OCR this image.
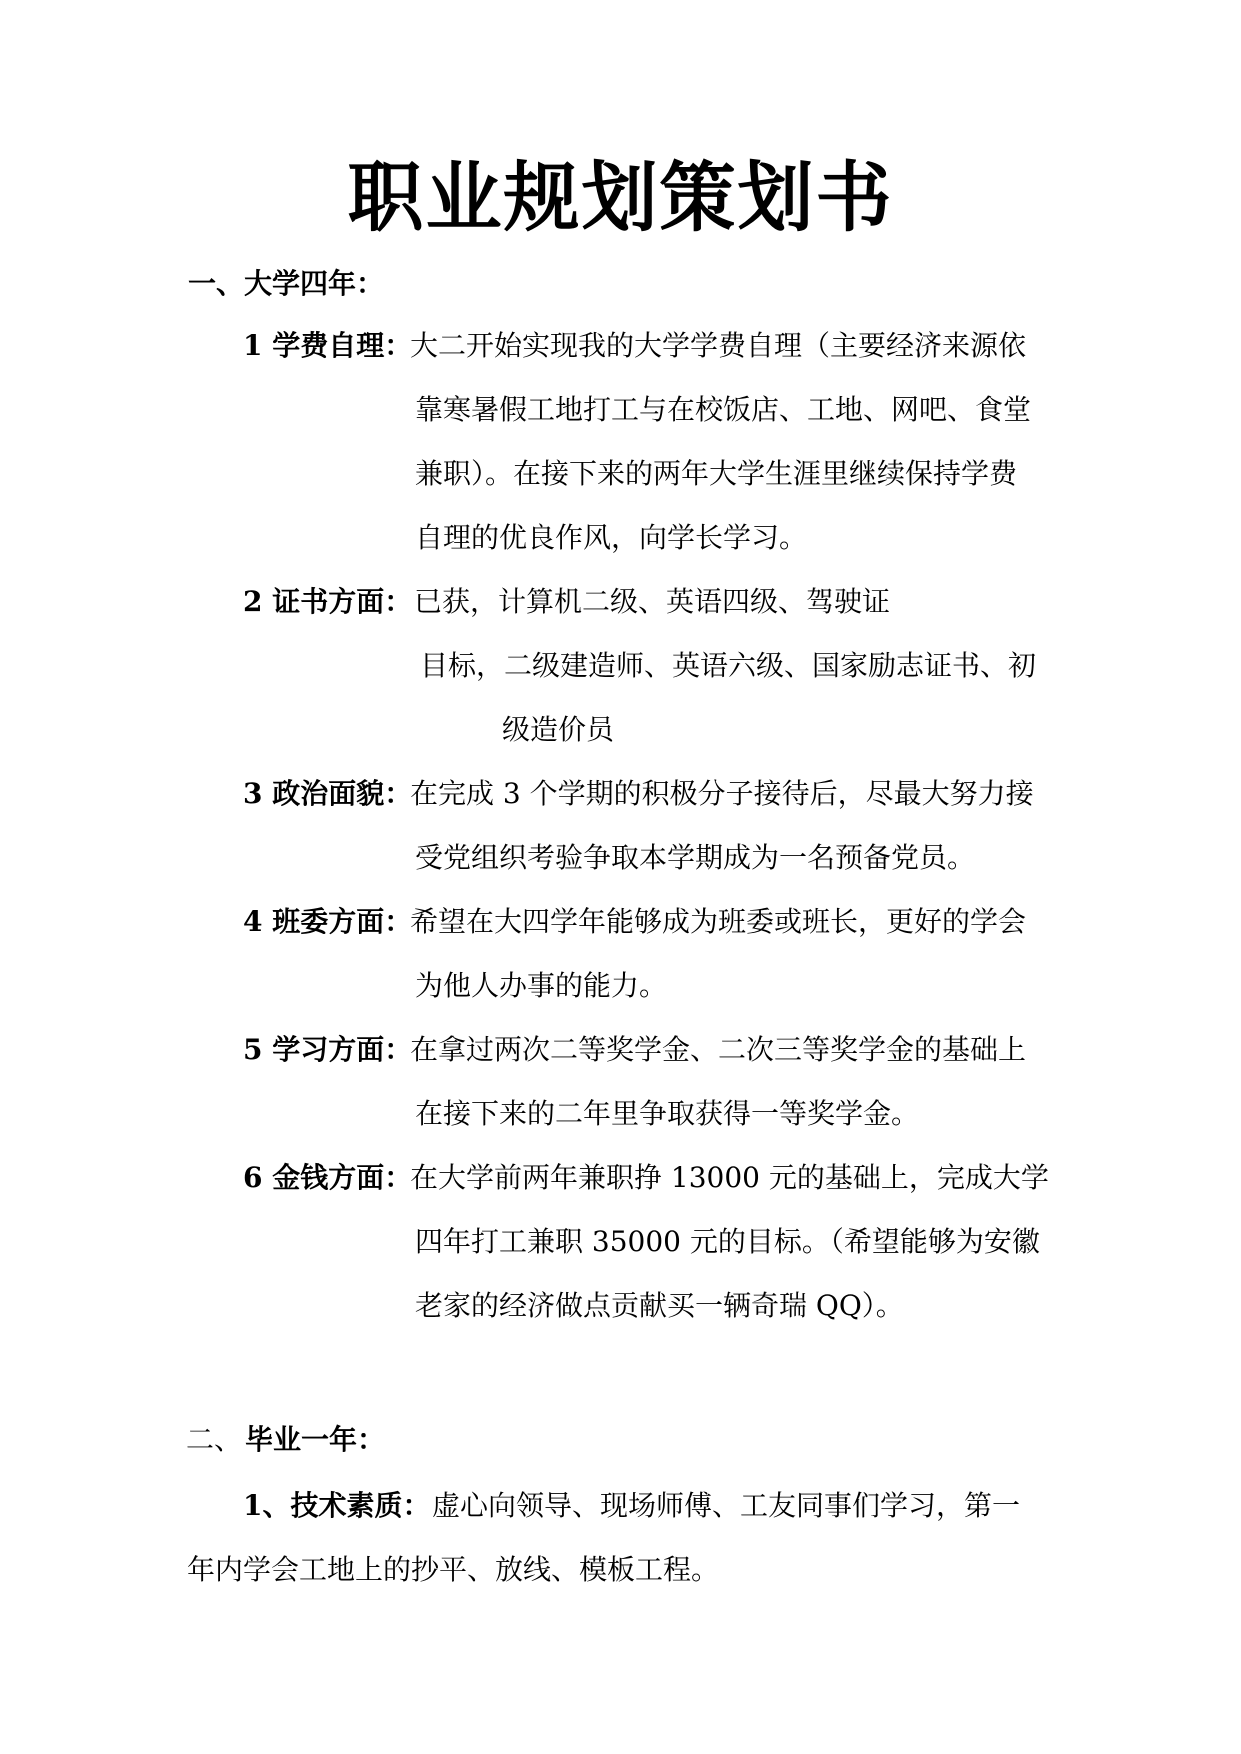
职业规划策划书
一、大学四年：
1 学费自理：
大二开始实现我的大学学费自理（主要经济来源依
靠寒暑假工地打工与在校饭店、工地、网吧、食堂
兼职）。在接下来的两年大学生涯里继续保持学费
自理的优良作风，向学长学习。
2 证书方面： 已获，计算机二级、英语四级、驾驶证
目标，二级建造师、英语六级、国家励志证书、初
级造价员
3 政治面貌：
在完成 3 个学期的积极分子接待后，尽最大努力接
受党组织考验争取本学期成为一名预备党员。
4 班委方面：
希望在大四学年能够成为班委或班长，更好的学会
为他人办事的能力。
5 学习方面：
在拿过两次二等奖学金、二次三等奖学金的基础上
在接下来的二年里争取获得一等奖学金。
6 金钱方面：
在大学前两年兼职挣 13000 元的基础上，完成大学
四年打工兼职 35000 元的目标。（希望能够为安徽
老家的经济做点贡献买一辆奇瑞 QQ）。
二、 毕业一年：
1、技术素质： 虚心向领导、现场师傅、工友同事们学习，第一
年内学会工地上的抄平、放线、模板工程。
